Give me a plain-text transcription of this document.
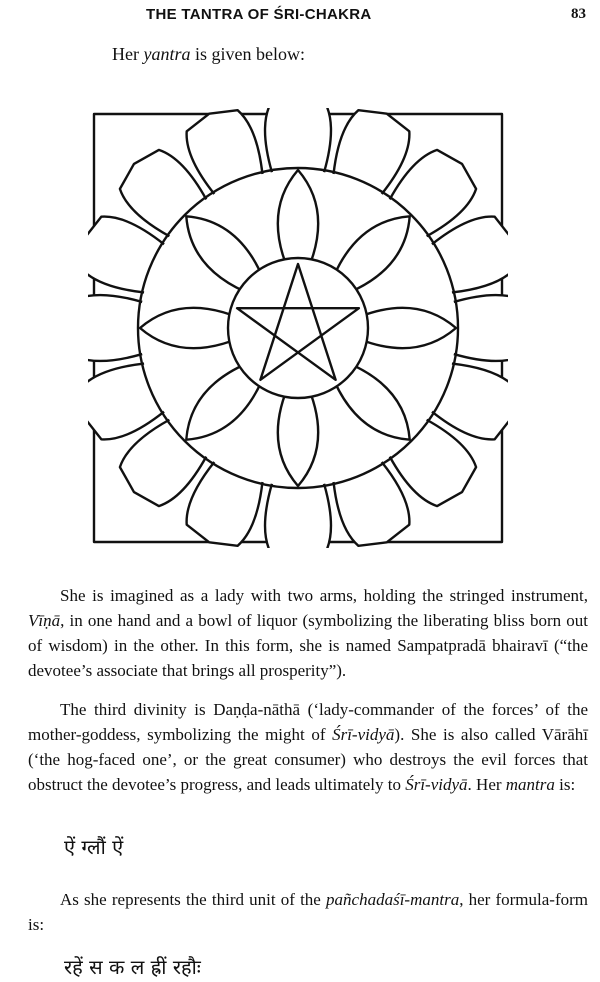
THE TANTRA OF ŚRI-CHAKRA	83
Her yantra is given below:
She is imagined as a lady with two arms, holding the stringed instrument, Vīṇā, in one hand and a bowl of liquor (symbolizing the liberating bliss born out of wisdom) in the other. In this form, she is named Sampatpradā bhairavī (“the devotee’s associate that brings all prosperity”).
The third divinity is Daṇḍa-nāthā (‘lady-commander of the forces’ of the mother-goddess, symbolizing the might of Śrī-vidyā). She is also called Vārāhī (‘the hog-faced one’, or the great consumer) who destroys the evil forces that obstruct the devotee’s progress, and leads ultimately to Śrī-vidyā. Her mantra is:
ऐं ग्लौं ऐं
As she represents the third unit of the pañchadaśī-mantra, her formula-form is:
रहें स क ल ह्रीं रहौः
